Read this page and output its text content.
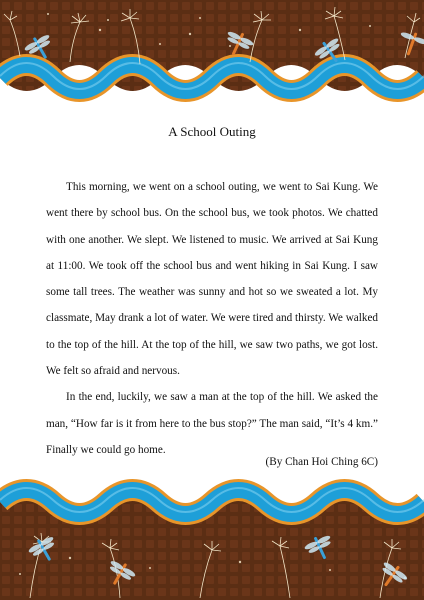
A School Outing

This morning, we went on a school outing, we went to Sai Kung. We went there by school bus. On the school bus, we took photos. We chatted with one another. We slept. We listened to music. We arrived at Sai Kung at 11:00. We took off the school bus and went hiking in Sai Kung. I saw some tall trees. The weather was sunny and hot so we sweated a lot. My classmate, May drank a lot of water. We were tired and thirsty. We walked to the top of the hill. At the top of the hill, we saw two paths, we got lost. We felt so afraid and nervous.

In the end, luckily, we saw a man at the top of the hill. We asked the man, “How far is it from here to the bus stop?” The man said, “It’s 4 km.” Finally we could go home.

(By Chan Hoi Ching 6C)
